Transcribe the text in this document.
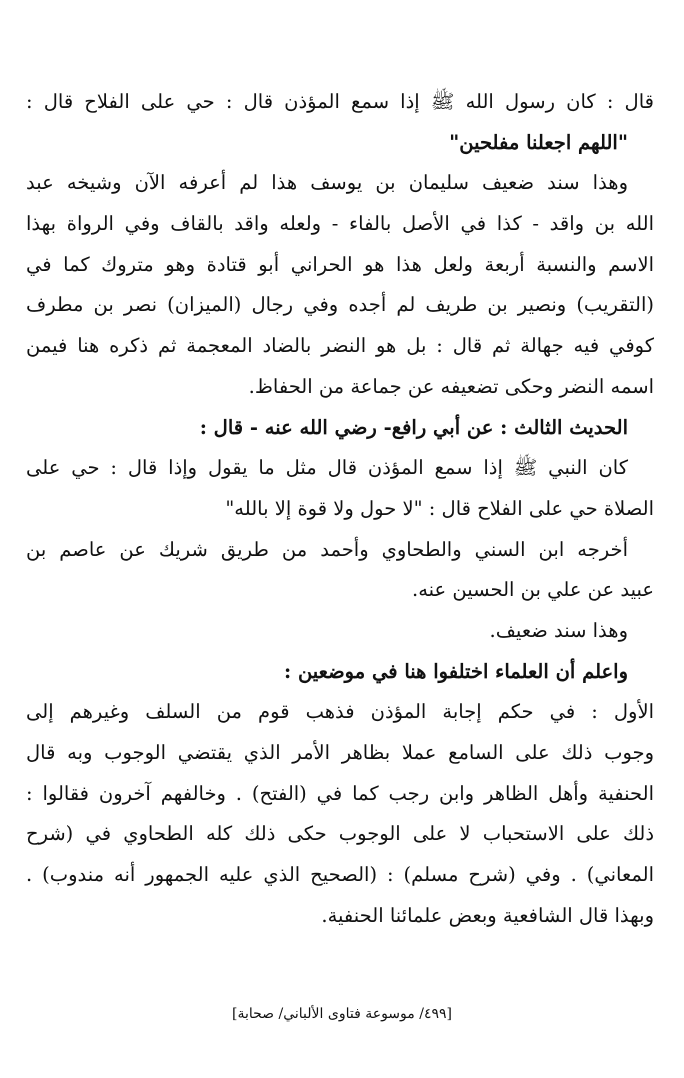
قال : كان رسول الله ﷺ إذا سمع المؤذن قال : حي على الفلاح قال :
"اللهم اجعلنا مفلحين"
وهذا سند ضعيف سليمان بن يوسف هذا لم أعرفه الآن وشيخه عبد
الله بن واقد - كذا في الأصل بالفاء - ولعله واقد بالقاف وفي الرواة بهذا
الاسم والنسبة أربعة ولعل هذا هو الحراني أبو قتادة وهو متروك كما في
(التقريب) ونصير بن طريف لم أجده وفي رجال (الميزان) نصر بن مطرف
كوفي فيه جهالة ثم قال : بل هو النضر بالضاد المعجمة ثم ذكره هنا فيمن
اسمه النضر وحكى تضعيفه عن جماعة من الحفاظ.
الحديث الثالث : عن أبي رافع- رضي الله عنه - قال :
كان النبي ﷺ إذا سمع المؤذن قال مثل ما يقول وإذا قال : حي على
الصلاة حي على الفلاح قال : "لا حول ولا قوة إلا بالله"
أخرجه ابن السني والطحاوي وأحمد من طريق شريك عن عاصم بن
عبيد عن علي بن الحسين عنه.
وهذا سند ضعيف.
واعلم أن العلماء اختلفوا هنا في موضعين :
الأول : في حكم إجابة المؤذن فذهب قوم من السلف وغيرهم إلى
وجوب ذلك على السامع عملا بظاهر الأمر الذي يقتضي الوجوب وبه قال
الحنفية وأهل الظاهر وابن رجب كما في (الفتح) . وخالفهم آخرون فقالوا :
ذلك على الاستحباب لا على الوجوب حكى ذلك كله الطحاوي في (شرح
المعاني) . وفي (شرح مسلم) : (الصحيح الذي عليه الجمهور أنه مندوب) .
وبهذا قال الشافعية وبعض علمائنا الحنفية.
[٤٩٩/ موسوعة فتاوى الألباني/ صحابة]
